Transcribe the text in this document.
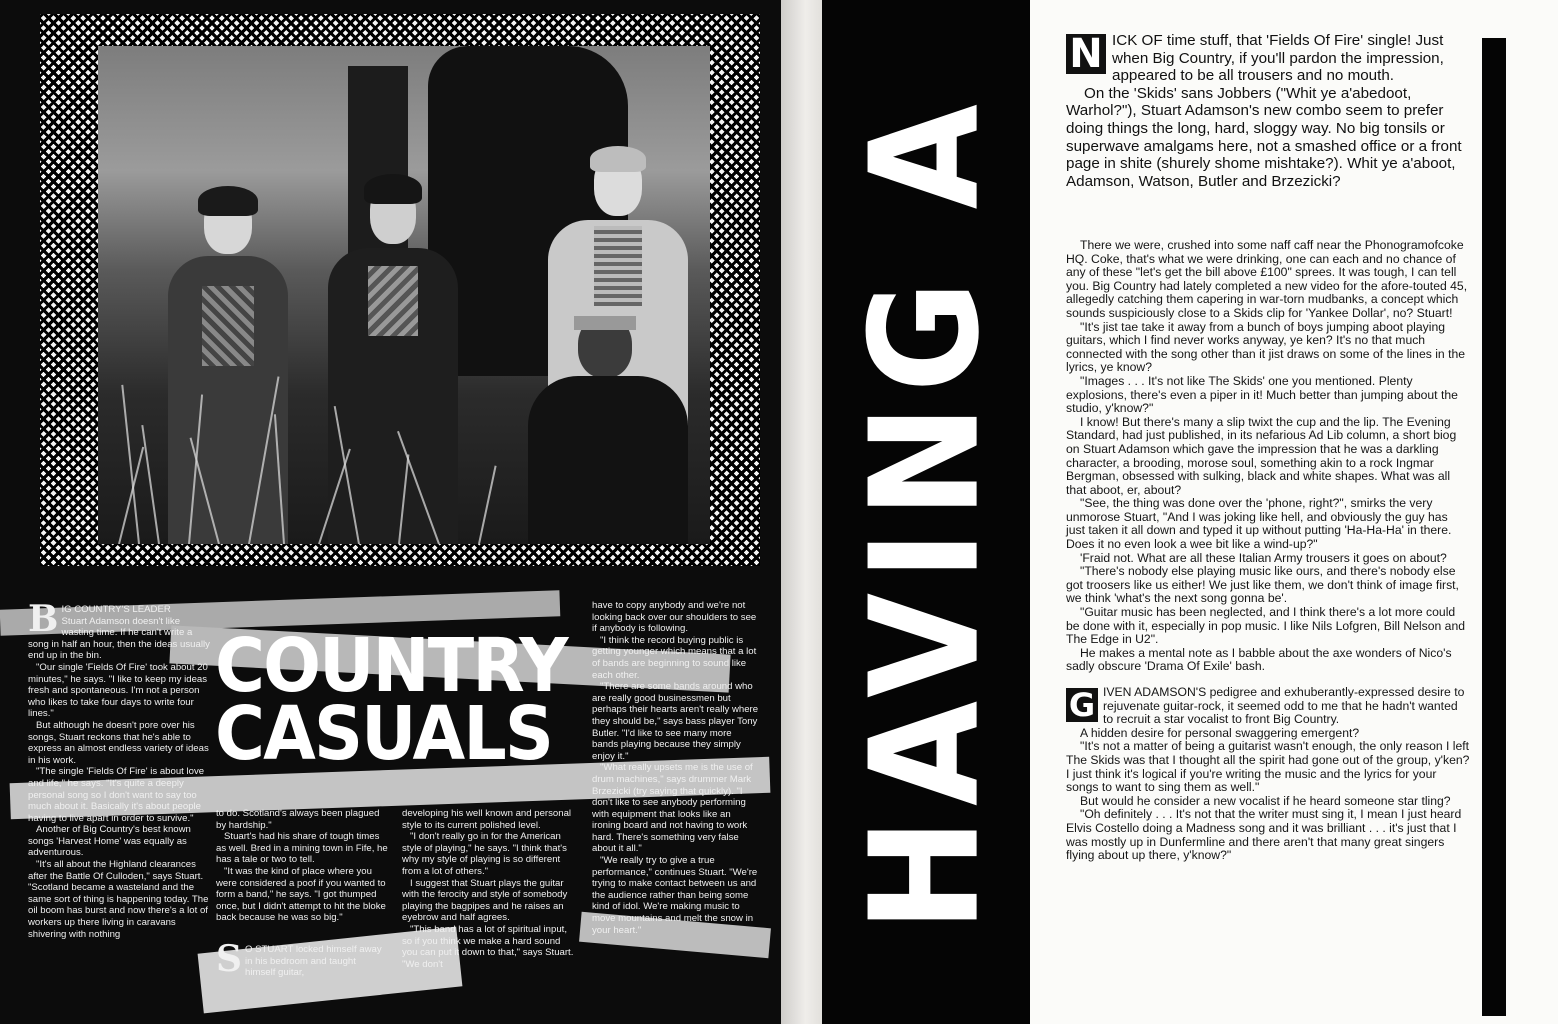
COUNTRY
CASUALS
B IG COUNTRY'S LEADER

Stuart Adamson doesn't like wasting time. If he can't write a song in half an hour, then the ideas usually end up in the bin.

"Our single 'Fields Of Fire' took about 20 minutes," he says. "I like to keep my ideas fresh and spontaneous. I'm not a person who likes to take four days to write four lines."

But although he doesn't pore over his songs, Stuart reckons that he's able to express an almost endless variety of ideas in his work.

"The single 'Fields Of Fire' is about love and life," he says. "It's quite a deeply personal song so I don't want to say too much about it. Basically it's about people having to live apart in order to survive."

Another of Big Country's best known songs 'Harvest Home' was equally as adventurous.

"It's all about the Highland clearances after the Battle Of Culloden," says Stuart. "Scotland became a wasteland and the same sort of thing is happening today. The oil boom has burst and now there's a lot of workers up there living in caravans shivering with nothing

to do. Scotland's always been plagued by hardship."

Stuart's had his share of tough times as well. Bred in a mining town in Fife, he has a tale or two to tell.

"It was the kind of place where you were considered a poof if you wanted to form a band," he says. "I got thumped once, but I didn't attempt to hit the bloke back because he was so big."

S O STUART locked himself away in his bedroom and taught himself guitar,

developing his well known and personal style to its current polished level.

"I don't really go in for the American style of playing," he says. "I think that's why my style of playing is so different from a lot of others."

I suggest that Stuart plays the guitar with the ferocity and style of somebody playing the bagpipes and he raises an eyebrow and half agrees.

"This band has a lot of spiritual input, so if you think we make a hard sound you can put it down to that," says Stuart. "We don't

have to copy anybody and we're not looking back over our shoulders to see if anybody is following.

"I think the record buying public is getting younger which means that a lot of bands are beginning to sound like each other.

"There are some bands around who are really good businessmen but perhaps their hearts aren't really where they should be," says bass player Tony Butler. "I'd like to see many more bands playing because they simply enjoy it."

"What really upsets me is the use of drum machines," says drummer Mark Brzezicki (try saying that quickly). "I don't like to see anybody performing with equipment that looks like an ironing board and not having to work hard. There's something very false about it all."

"We really try to give a true performance," continues Stuart. "We're trying to make contact between us and the audience rather than being some kind of idol. We're making music to move mountains and melt the snow in your heart."	HAVING A

N ICK OF time stuff, that 'Fields Of Fire' single! Just when Big Country, if you'll pardon the impression, appeared to be all trousers and no mouth.

On the 'Skids' sans Jobbers ("Whit ye a'abedoot, Warhol?"), Stuart Adamson's new combo seem to prefer doing things the long, hard, sloggy way. No big tonsils or superwave amalgams here, not a smashed office or a front page in shite (shurely shome mishtake?). Whit ye a'aboot, Adamson, Watson, Butler and Brzezicki?

There we were, crushed into some naff caff near the Phonogramofcoke HQ. Coke, that's what we were drinking, one can each and no chance of any of these "let's get the bill above £100" sprees. It was tough, I can tell you. Big Country had lately completed a new video for the afore-touted 45, allegedly catching them capering in war-torn mudbanks, a concept which sounds suspiciously close to a Skids clip for 'Yankee Dollar', no? Stuart!

"It's jist tae take it away from a bunch of boys jumping aboot playing guitars, which I find never works anyway, ye ken? It's no that much connected with the song other than it jist draws on some of the lines in the lyrics, ye know?

"Images . . . It's not like The Skids' one you mentioned. Plenty explosions, there's even a piper in it! Much better than jumping about the studio, y'know?"

I know! But there's many a slip twixt the cup and the lip. The Evening Standard, had just published, in its nefarious Ad Lib column, a short biog on Stuart Adamson which gave the impression that he was a darkling character, a brooding, morose soul, something akin to a rock Ingmar Bergman, obsessed with sulking, black and white shapes. What was all that aboot, er, about?

"See, the thing was done over the 'phone, right?", smirks the very unmorose Stuart, "And I was joking like hell, and obviously the guy has just taken it all down and typed it up without putting 'Ha-Ha-Ha' in there. Does it no even look a wee bit like a wind-up?"

'Fraid not. What are all these Italian Army trousers it goes on about?

"There's nobody else playing music like ours, and there's nobody else got troosers like us either! We just like them, we don't think of image first, we think 'what's the next song gonna be'.

"Guitar music has been neglected, and I think there's a lot more could be done with it, especially in pop music. I like Nils Lofgren, Bill Nelson and The Edge in U2".

He makes a mental note as I babble about the axe wonders of Nico's sadly obscure 'Drama Of Exile' bash.

G IVEN ADAMSON'S pedigree and exhuberantly-expressed desire to rejuvenate guitar-rock, it seemed odd to me that he hadn't wanted to recruit a star vocalist to front Big Country.

A hidden desire for personal swaggering emergent?

"It's not a matter of being a guitarist wasn't enough, the only reason I left The Skids was that I thought all the spirit had gone out of the group, y'ken? I just think it's logical if you're writing the music and the lyrics for your songs to want to sing them as well."

But would he consider a new vocalist if he heard someone star tling?

"Oh definitely . . . It's not that the writer must sing it, I mean I just heard Elvis Costello doing a Madness song and it was brilliant . . . it's just that I was mostly up in Dunfermline and there aren't that many great singers flying about up there, y'know?"
